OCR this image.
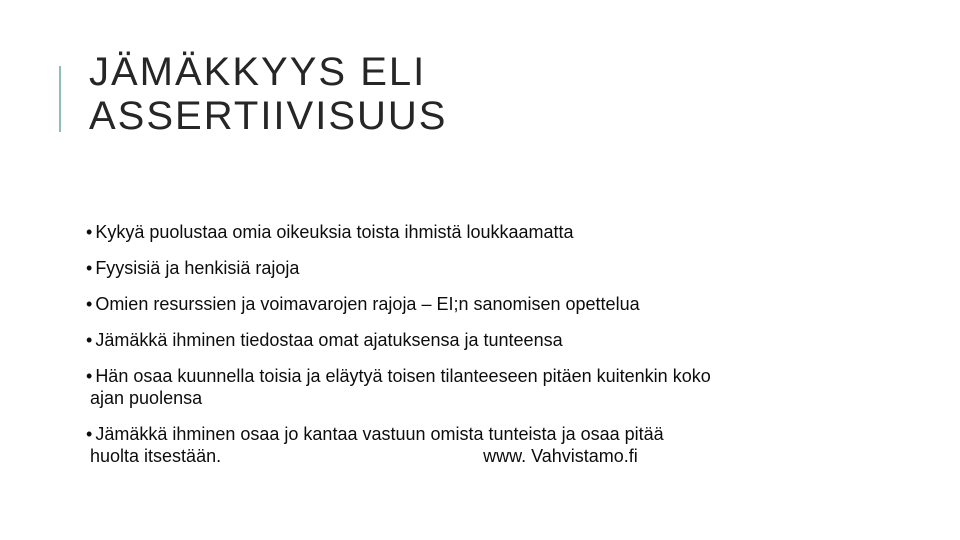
JÄMÄKKYYS ELI
ASSERTIIVISUUS
• Kykyä puolustaa omia oikeuksia toista ihmistä loukkaamatta
• Fyysisiä ja henkisiä rajoja
• Omien resurssien ja voimavarojen rajoja – EI;n sanomisen opettelua
• Jämäkkä ihminen tiedostaa omat ajatuksensa ja tunteensa
• Hän osaa kuunnella toisia ja eläytyä toisen tilanteeseen pitäen kuitenkin koko
ajan puolensa
• Jämäkkä ihminen osaa jo kantaa vastuun omista tunteista ja osaa pitää
huolta itsestään.	www. Vahvistamo.fi
